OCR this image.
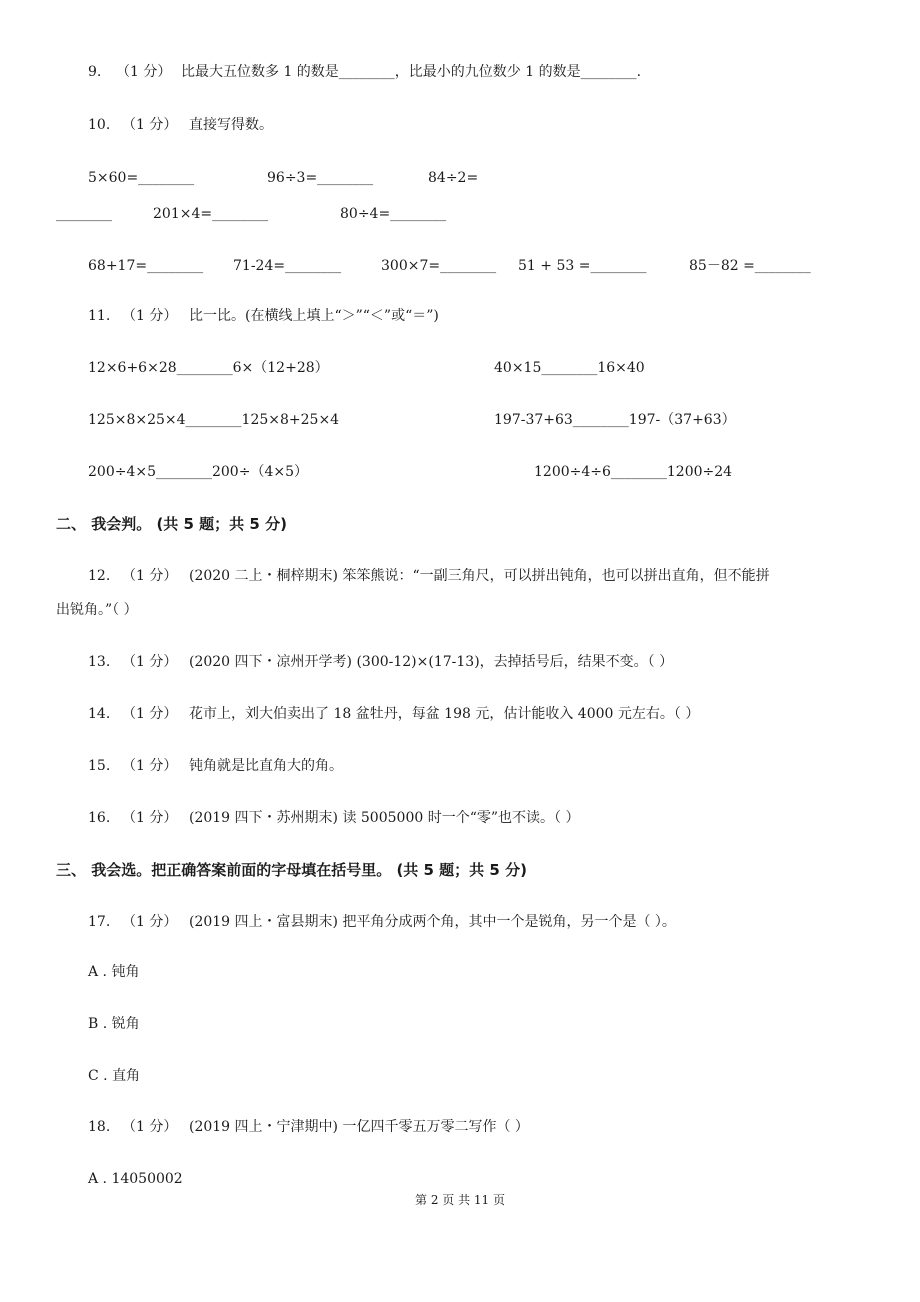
9. （1 分） 比最大五位数多 1 的数是________，比最小的九位数少 1 的数是________.
10. （1 分） 直接写得数。
5×60=________	96÷3=________	84÷2=
________	201×4=________	80÷4=________
68+17=________ 71-24=________	300×7=________ 51 + 53 =________	85－82 =________
11. （1 分） 比一比。(在横线上填上“＞”“＜”或“＝”)
12×6+6×28________6×（12+28）	40×15________16×40
125×8×25×4________125×8+25×4	197-37+63________197-（37+63）
200÷4×5________200÷（4×5）	1200÷4÷6________1200÷24
二、 我会判。 (共 5 题；共 5 分)
12. （1 分） (2020 二上・桐梓期末) 笨笨熊说：“一副三角尺，可以拼出钝角，也可以拼出直角，但不能拼
出锐角。”（ ）
13. （1 分） (2020 四下・凉州开学考) (300-12)×(17-13)，去掉括号后，结果不变。（ ）
14. （1 分） 花市上，刘大伯卖出了 18 盆牡丹，每盆 198 元，估计能收入 4000 元左右。（ ）
15. （1 分） 钝角就是比直角大的角。
16. （1 分） (2019 四下・苏州期末) 读 5005000 时一个“零”也不读。（ ）
三、 我会选。把正确答案前面的字母填在括号里。 (共 5 题；共 5 分)
17. （1 分） (2019 四上・富县期末) 把平角分成两个角，其中一个是锐角，另一个是（ ）。
A . 钝角
B . 锐角
C . 直角
18. （1 分） (2019 四上・宁津期中) 一亿四千零五万零二写作（ ）
A . 14050002
第 2 页 共 11 页
